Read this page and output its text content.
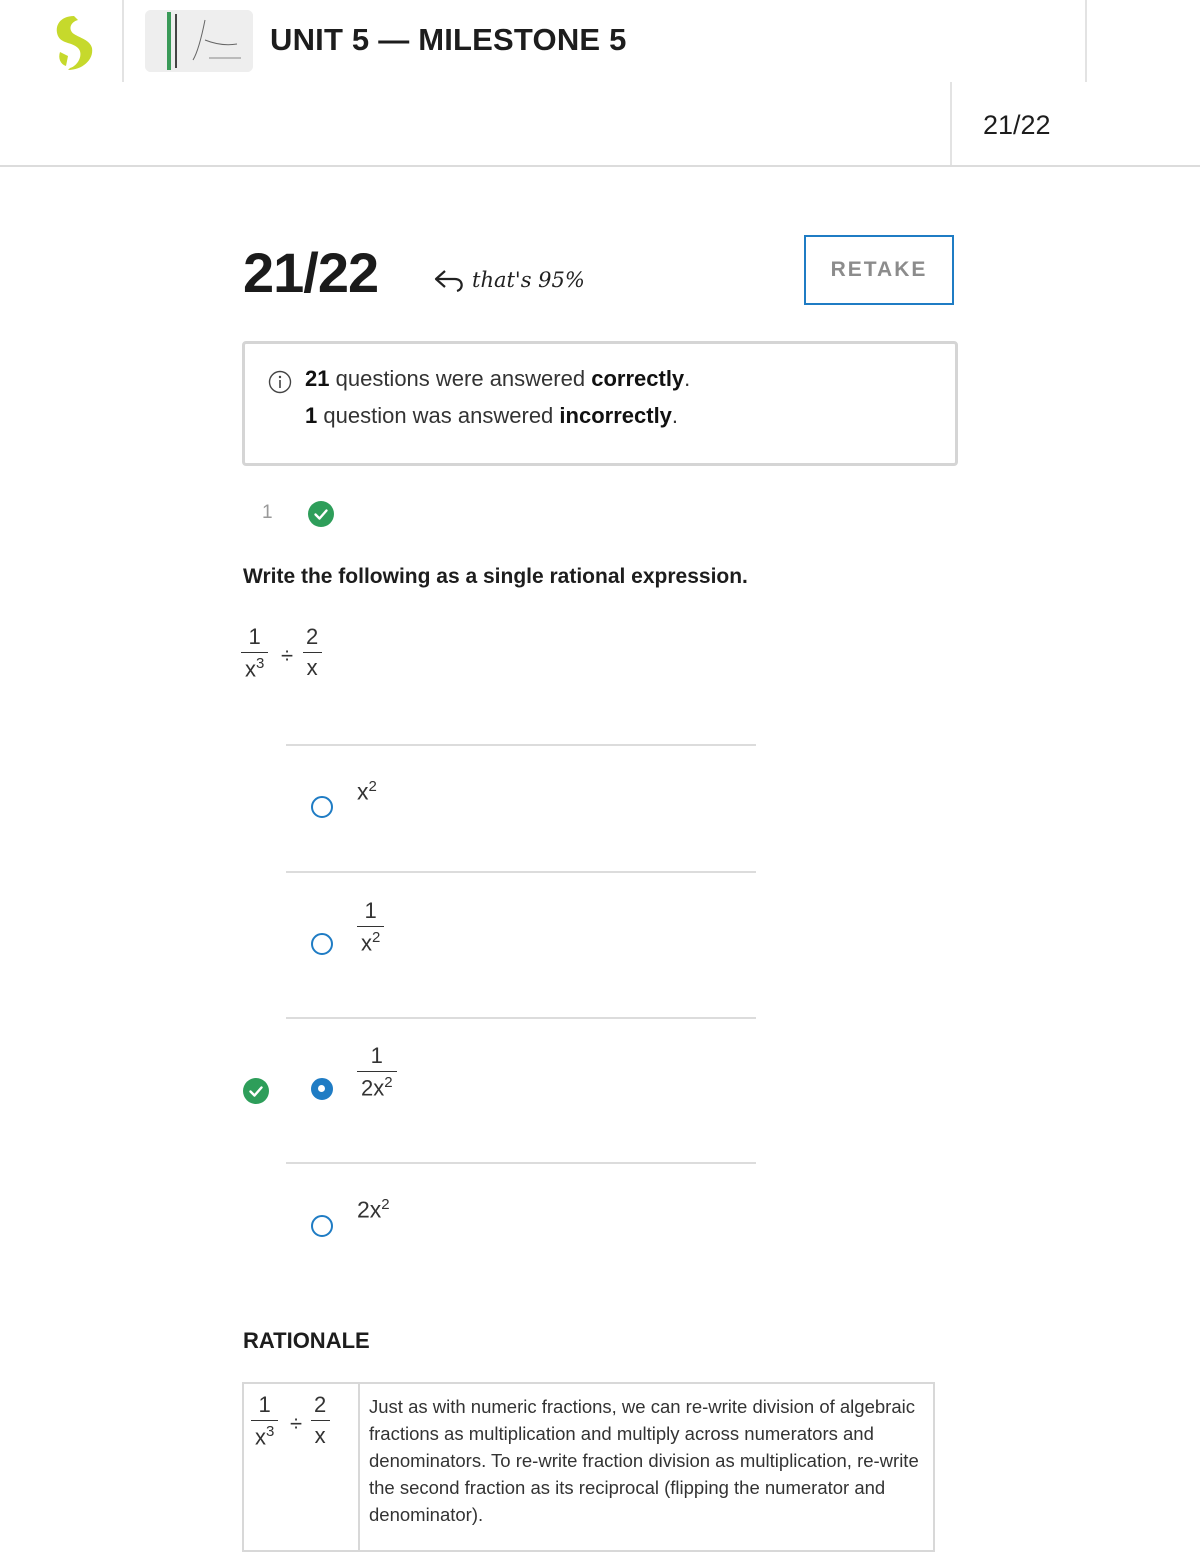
UNIT 5 — MILESTONE 5
21/22
21/22	that's 95%	RETAKE
21 questions were answered correctly.
1 question was answered incorrectly.
1
Write the following as a single rational expression.
$\frac{1}{x^3} \div \frac{2}{x}$
$x^2$
$\frac{1}{x^2}$
$\frac{1}{2x^2}$
$2x^2$
RATIONALE
$\frac{1}{x^3} \div \frac{2}{x}$ Just as with numeric fractions, we can re-write division of algebraic fractions as multiplication and multiply across numerators and denominators. To re-write fraction division as multiplication, re-write the second fraction as its reciprocal (flipping the numerator and denominator).
